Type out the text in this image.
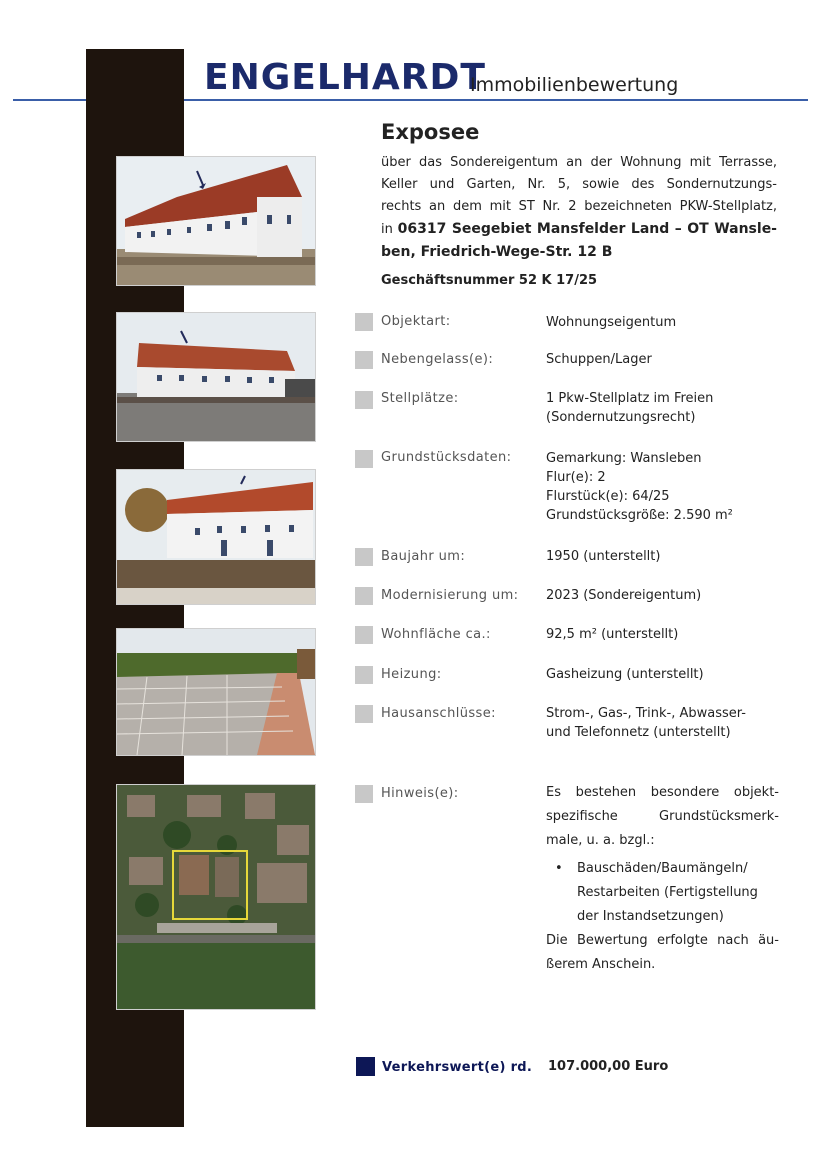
ENGELHARDT
Immobilienbewertung
Exposee
über das Sondereigentum an der Wohnung mit Terrasse,
Keller und Garten, Nr. 5, sowie des Sondernutzungs-
rechts an dem mit ST Nr. 2 bezeichneten PKW-Stellplatz,
in 06317 Seegebiet Mansfelder Land – OT Wansle-
ben, Friedrich-Wege-Str. 12 B
Geschäftsnummer 52 K 17/25
Objektart:	Wohnungseigentum
Nebengelass(e):	Schuppen/Lager
Stellplätze:	1 Pkw-Stellplatz im Freien
(Sondernutzungsrecht)
Grundstücksdaten:	Gemarkung: Wansleben
Flur(e): 2
Flurstück(e): 64/25
Grundstücksgröße: 2.590 m²
Baujahr um:	1950 (unterstellt)
Modernisierung um: 2023 (Sondereigentum)
Wohnfläche ca.:	92,5 m² (unterstellt)
Heizung:	Gasheizung (unterstellt)
Hausanschlüsse:	Strom-, Gas-, Trink-, Abwasser-
und Telefonnetz (unterstellt)
Hinweis(e):	Es bestehen besondere objekt-
spezifische Grundstücksmerk-
male, u. a. bzgl.:
• Bauschäden/Baumängeln/
Restarbeiten (Fertigstellung
der Instandsetzungen)
Die Bewertung erfolgte nach äu-
ßerem Anschein.
Verkehrswert(e) rd. 107.000,00 Euro
